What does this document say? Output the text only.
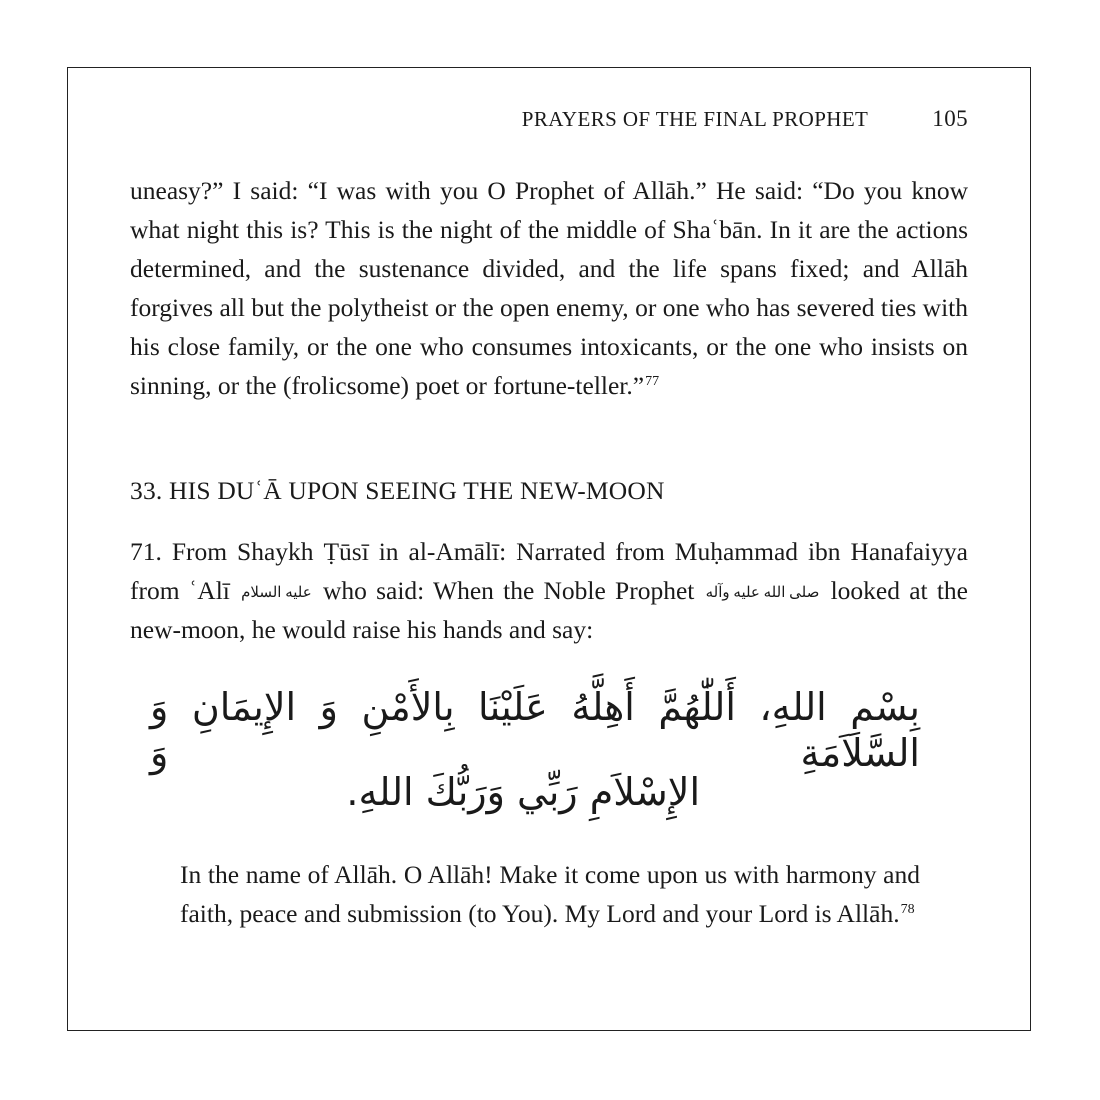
PRAYERS OF THE FINAL PROPHET	105

uneasy?” I said: “I was with you O Prophet of Allāh.” He said: “Do you know what night this is? This is the night of the middle of Shaʿbān. In it are the actions determined, and the sustenance divided, and the life spans fixed; and Allāh forgives all but the polytheist or the open enemy, or one who has severed ties with his close family, or the one who consumes intoxicants, or the one who insists on sinning, or the (frolicsome) poet or fortune-teller.”$^{77}$

33. HIS DUʿĀ UPON SEEING THE NEW-MOON

71. From Shaykh Ṭūsī in al-Amālī: Narrated from Muḥammad ibn Hanafaiyya from ʿAlī عليه السلام who said: When the Noble Prophet صلى الله عليه وآله looked at the new-moon, he would raise his hands and say:

بِسْمِ اللهِ، أَللّٰهُمَّ أَهِلَّهُ عَلَيْنَا بِالأَمْنِ وَ الإِيمَانِ وَ السَّلاَمَةِ وَ

الإِسْلاَمِ رَبِّي وَرَبُّكَ اللهِ.

In the name of Allāh. O Allāh! Make it come upon us with harmony and faith, peace and submission (to You). My Lord and your Lord is Allāh.$^{78}$
